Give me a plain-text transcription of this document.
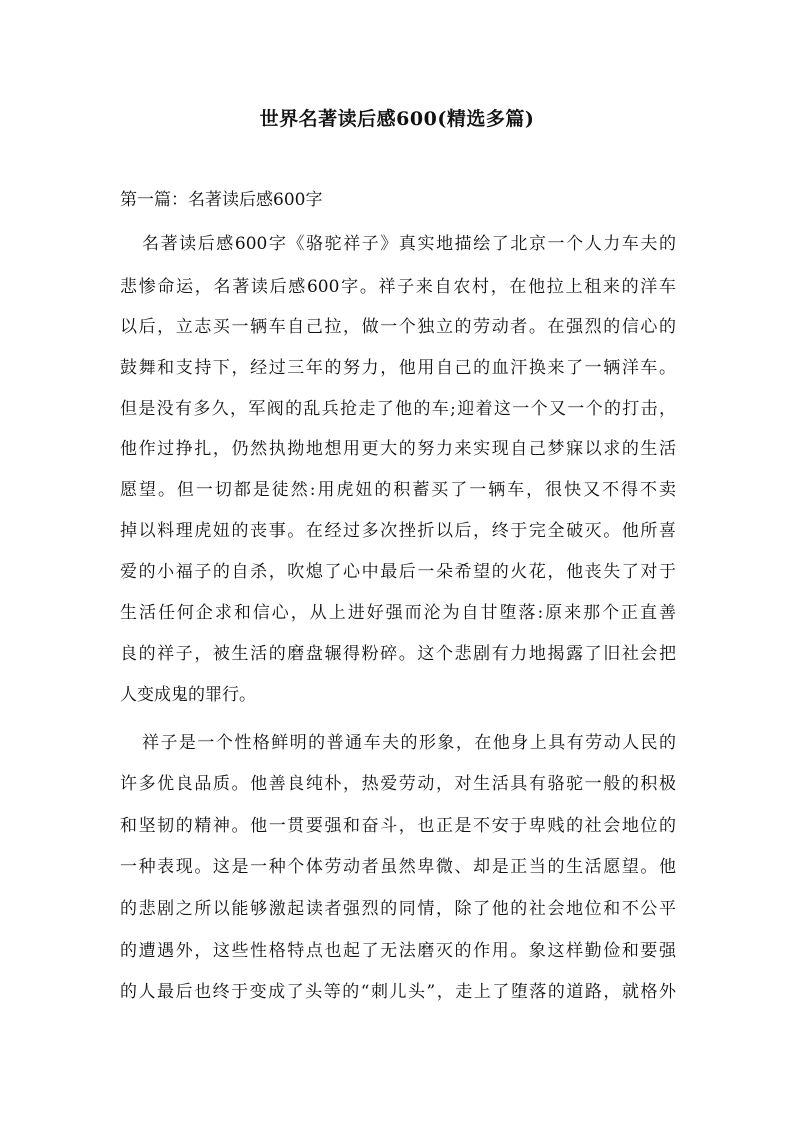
世界名著读后感600(精选多篇)
第一篇：名著读后感600字
名著读后感600字《骆驼祥子》真实地描绘了北京一个人力车夫的
悲惨命运，名著读后感600字。祥子来自农村，在他拉上租来的洋车
以后，立志买一辆车自己拉，做一个独立的劳动者。在强烈的信心的
鼓舞和支持下，经过三年的努力，他用自己的血汗换来了一辆洋车。
但是没有多久，军阀的乱兵抢走了他的车;迎着这一个又一个的打击，
他作过挣扎，仍然执拗地想用更大的努力来实现自己梦寐以求的生活
愿望。但一切都是徒然:用虎妞的积蓄买了一辆车，很快又不得不卖
掉以料理虎妞的丧事。在经过多次挫折以后，终于完全破灭。他所喜
爱的小福子的自杀，吹熄了心中最后一朵希望的火花，他丧失了对于
生活任何企求和信心，从上进好强而沦为自甘堕落:原来那个正直善
良的祥子，被生活的磨盘辗得粉碎。这个悲剧有力地揭露了旧社会把
人变成鬼的罪行。
祥子是一个性格鲜明的普通车夫的形象，在他身上具有劳动人民的
许多优良品质。他善良纯朴，热爱劳动，对生活具有骆驼一般的积极
和坚韧的精神。他一贯要强和奋斗，也正是不安于卑贱的社会地位的
一种表现。这是一种个体劳动者虽然卑微、却是正当的生活愿望。他
的悲剧之所以能够激起读者强烈的同情，除了他的社会地位和不公平
的遭遇外，这些性格特点也起了无法磨灭的作用。象这样勤俭和要强
的人最后也终于变成了头等的“刺儿头”，走上了堕落的道路，就格外
